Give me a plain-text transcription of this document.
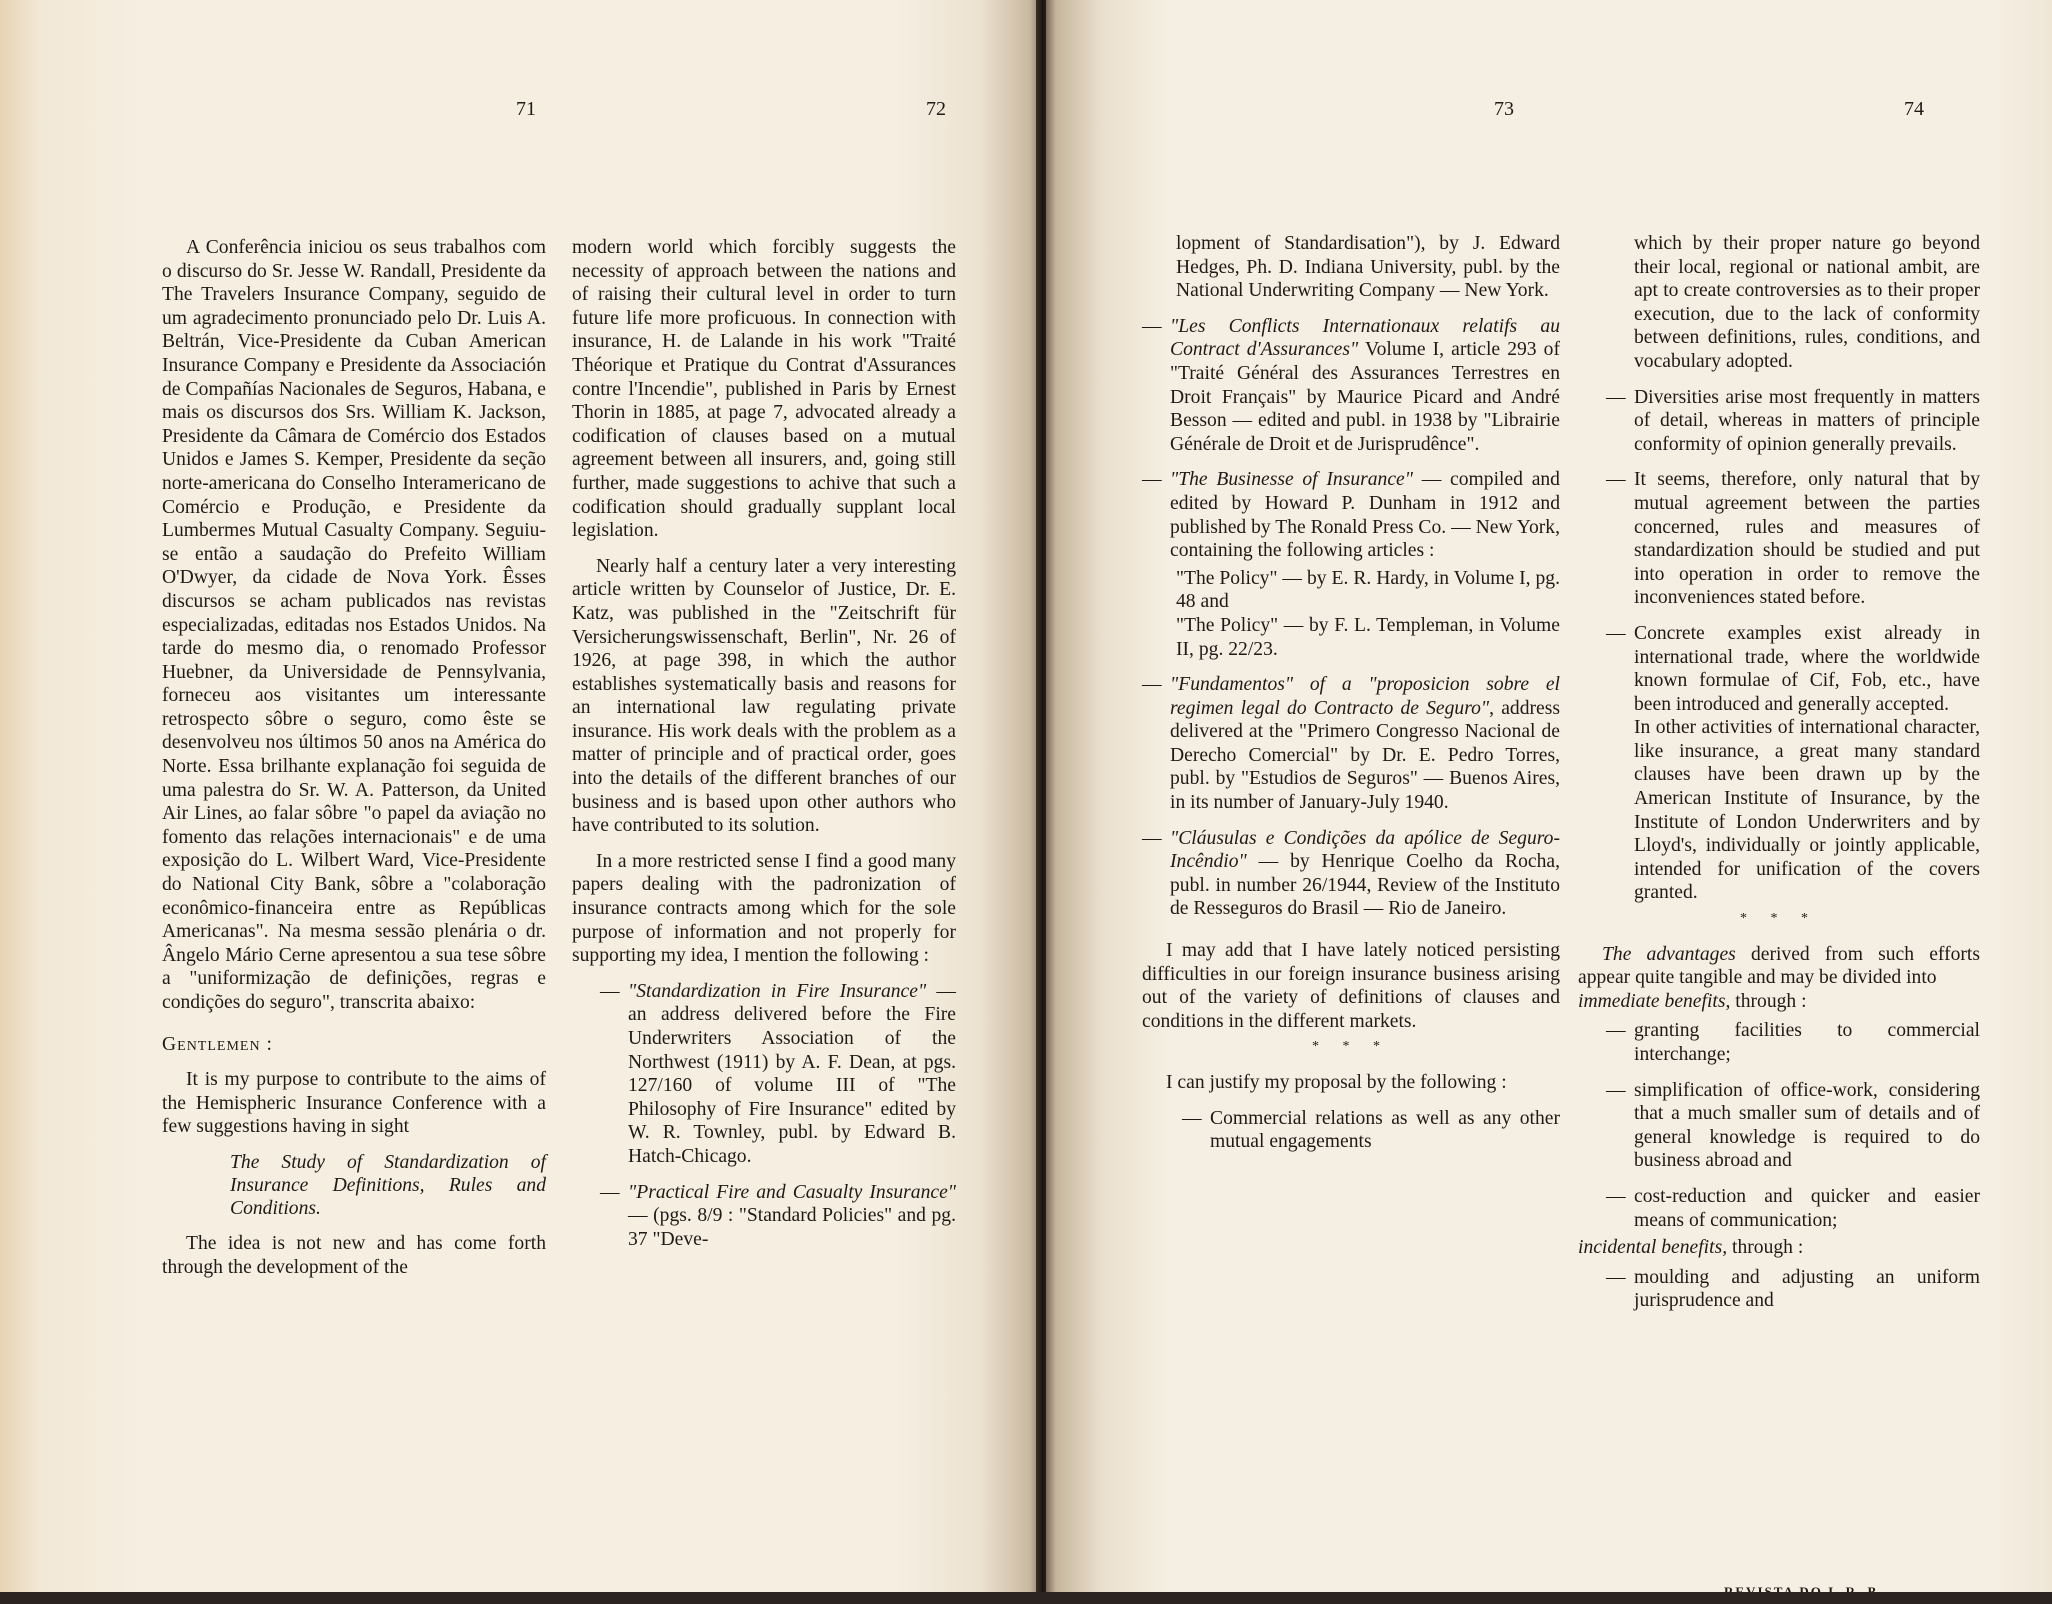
71	72

A Conferência iniciou os seus trabalhos com o discurso do Sr. Jesse W. Randall, Presidente da The Travelers Insurance Company, seguido de um agradecimento pronunciado pelo Dr. Luis A. Beltrán, Vice-Presidente da Cuban American Insurance Company e Presidente da Associación de Compañías Nacionales de Seguros, Habana, e mais os discursos dos Srs. William K. Jackson, Presidente da Câmara de Comércio dos Estados Unidos e James S. Kemper, Presidente da seção norte-americana do Conselho Interamericano de Comércio e Produção, e Presidente da Lumbermes Mutual Casualty Company. Seguiu-se então a saudação do Prefeito William O'Dwyer, da cidade de Nova York. Êsses discursos se acham publicados nas revistas especializadas, editadas nos Estados Unidos. Na tarde do mesmo dia, o renomado Professor Huebner, da Universidade de Pennsylvania, forneceu aos visitantes um interessante retrospecto sôbre o seguro, como êste se desenvolveu nos últimos 50 anos na América do Norte. Essa brilhante explanação foi seguida de uma palestra do Sr. W. A. Patterson, da United Air Lines, ao falar sôbre "o papel da aviação no fomento das relações internacionais" e de uma exposição do L. Wilbert Ward, Vice-Presidente do National City Bank, sôbre a "colaboração econômico-financeira entre as Repúblicas Americanas". Na mesma sessão plenária o dr. Ângelo Mário Cerne apresentou a sua tese sôbre a "uniformização de definições, regras e condições do seguro", transcrita abaixo:

Gentlemen :

It is my purpose to contribute to the aims of the Hemispheric Insurance Conference with a few suggestions having in sight

The Study of Standardization of Insurance Definitions, Rules and Conditions.

The idea is not new and has come forth through the development of the

modern world which forcibly suggests the necessity of approach between the nations and of raising their cultural level in order to turn future life more proficuous. In connection with insurance, H. de Lalande in his work "Traité Théorique et Pratique du Contrat d'Assurances contre l'Incendie", published in Paris by Ernest Thorin in 1885, at page 7, advocated already a codification of clauses based on a mutual agreement between all insurers, and, going still further, made suggestions to achive that such a codification should gradually supplant local legislation.

Nearly half a century later a very interesting article written by Counselor of Justice, Dr. E. Katz, was published in the "Zeitschrift für Versicherungswissenschaft, Berlin", Nr. 26 of 1926, at page 398, in which the author establishes systematically basis and reasons for an international law regulating private insurance. His work deals with the problem as a matter of principle and of practical order, goes into the details of the different branches of our business and is based upon other authors who have contributed to its solution.

In a more restricted sense I find a good many papers dealing with the padronization of insurance contracts among which for the sole purpose of information and not properly for supporting my idea, I mention the following :

— "Standardization in Fire Insurance" — an address delivered before the Fire Underwriters Association of the Northwest (1911) by A. F. Dean, at pgs. 127/160 of volume III of "The Philosophy of Fire Insurance" edited by W. R. Townley, publ. by Edward B. Hatch-Chicago.

— "Practical Fire and Casualty Insurance" — (pgs. 8/9 : "Standard Policies" and pg. 37 "Deve-

73	74

lopment of Standardisation"), by J. Edward Hedges, Ph. D. Indiana University, publ. by the National Underwriting Company — New York.

— "Les Conflicts Internationaux relatifs au Contract d'Assurances" Volume I, article 293 of "Traité Général des Assurances Terrestres en Droit Français" by Maurice Picard and André Besson — edited and publ. in 1938 by "Librairie Générale de Droit et de Jurisprudênce".

— "The Businesse of Insurance" — compiled and edited by Howard P. Dunham in 1912 and published by The Ronald Press Co. — New York, containing the following articles :

"The Policy" — by E. R. Hardy, in Volume I, pg. 48 and

"The Policy" — by F. L. Templeman, in Volume II, pg. 22/23.

— "Fundamentos" of a "proposicion sobre el regimen legal do Contracto de Seguro", address delivered at the "Primero Congresso Nacional de Derecho Comercial" by Dr. E. Pedro Torres, publ. by "Estudios de Seguros" — Buenos Aires, in its number of January-July 1940.

— "Cláusulas e Condições da apólice de Seguro-Incêndio" — by Henrique Coelho da Rocha, publ. in number 26/1944, Review of the Instituto de Resseguros do Brasil — Rio de Janeiro.

I may add that I have lately noticed persisting difficulties in our foreign insurance business arising out of the variety of definitions of clauses and conditions in the different markets.

* * *

I can justify my proposal by the following :

— Commercial relations as well as any other mutual engagements

which by their proper nature go beyond their local, regional or national ambit, are apt to create controversies as to their proper execution, due to the lack of conformity between definitions, rules, conditions, and vocabulary adopted.

— Diversities arise most frequently in matters of detail, whereas in matters of principle conformity of opinion generally prevails.

— It seems, therefore, only natural that by mutual agreement between the parties concerned, rules and measures of standardization should be studied and put into operation in order to remove the inconveniences stated before.

— Concrete examples exist already in international trade, where the worldwide known formulae of Cif, Fob, etc., have been introduced and generally accepted.

In other activities of international character, like insurance, a great many standard clauses have been drawn up by the American Institute of Insurance, by the Institute of London Underwriters and by Lloyd's, individually or jointly applicable, intended for unification of the covers granted.

* * *

The advantages derived from such efforts appear quite tangible and may be divided into

immediate benefits, through :

— granting facilities to commercial interchange;

— simplification of office-work, considering that a much smaller sum of details and of general knowledge is required to do business abroad and

— cost-reduction and quicker and easier means of communication;

incidental benefits, through :

— moulding and adjusting an uniform jurisprudence and
